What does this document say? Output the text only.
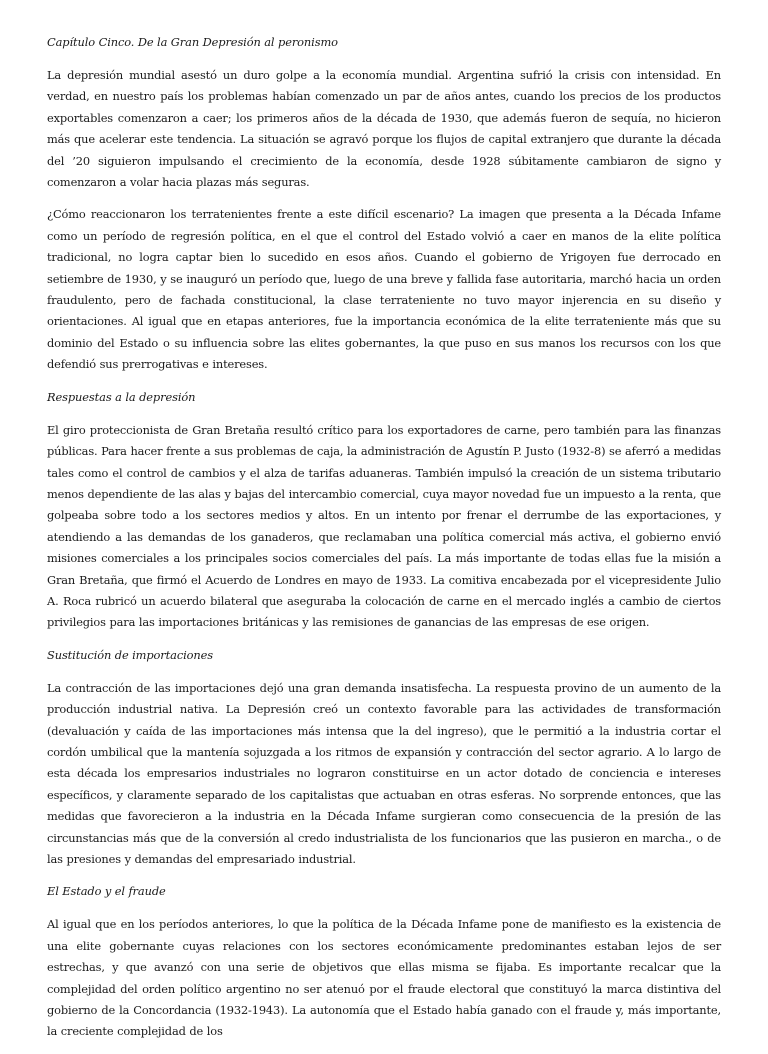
Capítulo Cinco. De la Gran Depresión al peronismo

La depresión mundial asestó un duro golpe a la economía mundial. Argentina sufrió la crisis con intensidad. En verdad, en nuestro país los problemas habían comenzado un par de años antes, cuando los precios de los productos exportables comenzaron a caer; los primeros años de la década de 1930, que además fueron de sequía, no hicieron más que acelerar este tendencia. La situación se agravó porque los flujos de capital extranjero que durante la década del ’20 siguieron impulsando el crecimiento de la economía, desde 1928 súbitamente cambiaron de signo y comenzaron a volar hacia plazas más seguras.

¿Cómo reaccionaron los terratenientes frente a este difícil escenario? La imagen que presenta a la Década Infame como un período de regresión política, en el que el control del Estado volvió a caer en manos de la elite política tradicional, no logra captar bien lo sucedido en esos años. Cuando el gobierno de Yrigoyen fue derrocado en setiembre de 1930, y se inauguró un período que, luego de una breve y fallida fase autoritaria, marchó hacia un orden fraudulento, pero de fachada constitucional, la clase terrateniente no tuvo mayor injerencia en su diseño y orientaciones. Al igual que en etapas anteriores, fue la importancia económica de la elite terrateniente más que su dominio del Estado o su influencia sobre las elites gobernantes, la que puso en sus manos los recursos con los que defendió sus prerrogativas e intereses.

Respuestas a la depresión

El giro proteccionista de Gran Bretaña resultó crítico para los exportadores de carne, pero también para las finanzas públicas. Para hacer frente a sus problemas de caja, la administración de Agustín P. Justo (1932-8) se aferró a medidas tales como el control de cambios y el alza de tarifas aduaneras. También impulsó la creación de un sistema tributario menos dependiente de las alas y bajas del intercambio comercial, cuya mayor novedad fue un impuesto a la renta, que golpeaba sobre todo a los sectores medios y altos. En un intento por frenar el derrumbe de las exportaciones, y atendiendo a las demandas de los ganaderos, que reclamaban una política comercial más activa, el gobierno envió misiones comerciales a los principales socios comerciales del país. La más importante de todas ellas fue la misión a Gran Bretaña, que firmó el Acuerdo de Londres en mayo de 1933. La comitiva encabezada por el vicepresidente Julio A. Roca rubricó un acuerdo bilateral que aseguraba la colocación de carne en el mercado inglés a cambio de ciertos privilegios para las importaciones británicas y las remisiones de ganancias de las empresas de ese origen.

Sustitución de importaciones

La contracción de las importaciones dejó una gran demanda insatisfecha. La respuesta provino de un aumento de la producción industrial nativa. La Depresión creó un contexto favorable para las actividades de transformación (devaluación y caída de las importaciones más intensa que la del ingreso), que le permitió a la industria cortar el cordón umbilical que la mantenía sojuzgada a los ritmos de expansión y contracción del sector agrario. A lo largo de esta década los empresarios industriales no lograron constituirse en un actor dotado de conciencia e intereses específicos, y claramente separado de los capitalistas que actuaban en otras esferas. No sorprende entonces, que las medidas que favorecieron a la industria en la Década Infame surgieran como consecuencia de la presión de las circunstancias más que de la conversión al credo industrialista de los funcionarios que las pusieron en marcha., o de las presiones y demandas del empresariado industrial.

El Estado y el fraude

Al igual que en los períodos anteriores, lo que la política de la Década Infame pone de manifiesto es la existencia de una elite gobernante cuyas relaciones con los sectores económicamente predominantes estaban lejos de ser estrechas, y que avanzó con una serie de objetivos que ellas misma se fijaba. Es importante recalcar que la complejidad del orden político argentino no ser atenuó por el fraude electoral que constituyó la marca distintiva del gobierno de la Concordancia (1932-1943). La autonomía que el Estado había ganado con el fraude y, más importante, la creciente complejidad de los
